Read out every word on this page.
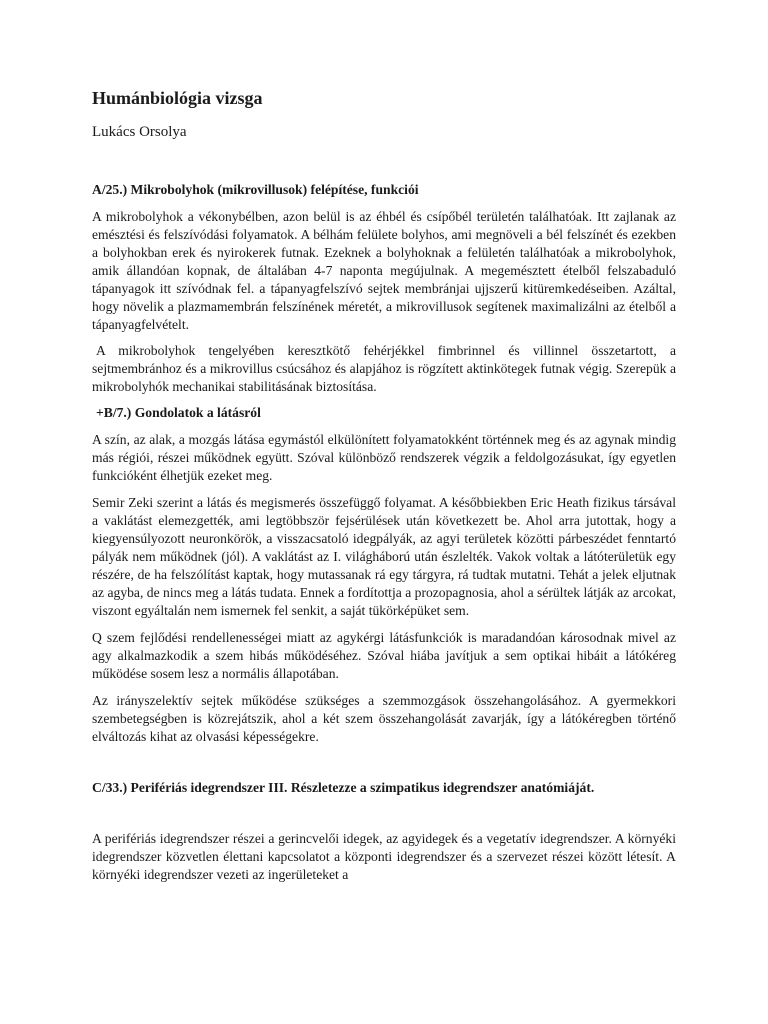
Humánbiológia vizsga

Lukács Orsolya

A/25.) Mikrobolyhok (mikrovillusok) felépítése, funkciói

A mikrobolyhok a vékonybélben, azon belül is az éhbél és csípőbél területén találhatóak. Itt zajlanak az emésztési és felszívódási folyamatok. A bélhám felülete bolyhos, ami megnöveli a bél felszínét és ezekben a bolyhokban erek és nyirokerek futnak. Ezeknek a bolyhoknak a felületén találhatóak a mikrobolyhok, amik állandóan kopnak, de általában 4-7 naponta megújulnak. A megemésztett ételből felszabaduló tápanyagok itt szívódnak fel. a tápanyagfelszívó sejtek membránjai ujjszerű kitüremkedéseiben. Azáltal, hogy növelik a plazmamembrán felszínének méretét, a mikrovillusok segítenek maximalizálni az ételből a tápanyagfelvételt.

A mikrobolyhok tengelyében keresztkötő fehérjékkel fimbrinnel és villinnel összetartott, a sejtmembránhoz és a mikrovillus csúcsához és alapjához is rögzített aktinkötegek futnak végig. Szerepük a mikrobolyhók mechanikai stabilitásának biztosítása.

+B/7.) Gondolatok a látásról

A szín, az alak, a mozgás látása egymástól elkülönített folyamatokként történnek meg és az agynak mindig más régiói, részei működnek együtt. Szóval különböző rendszerek végzik a feldolgozásukat, így egyetlen funkcióként élhetjük ezeket meg.

Semir Zeki szerint a látás és megismerés összefüggő folyamat. A későbbiekben Eric Heath fizikus társával a vaklátást elemezgették, ami legtöbbször fejsérülések után következett be. Ahol arra jutottak, hogy a kiegyensúlyozott neuronkörök, a visszacsatoló idegpályák, az agyi területek közötti párbeszédet fenntartó pályák nem működnek (jól). A vaklátást az I. világháború után észlelték. Vakok voltak a látóterületük egy részére, de ha felszólítást kaptak, hogy mutassanak rá egy tárgyra, rá tudtak mutatni. Tehát a jelek eljutnak az agyba, de nincs meg a látás tudata. Ennek a fordítottja a prozopagnosia, ahol a sérültek látják az arcokat, viszont egyáltalán nem ismernek fel senkit, a saját tükörképüket sem.

Q szem fejlődési rendellenességei miatt az agykérgi látásfunkciók is maradandóan károsodnak mivel az agy alkalmazkodik a szem hibás működéséhez. Szóval hiába javítjuk a sem optikai hibáit a látókéreg működése sosem lesz a normális állapotában.

Az irányszelektív sejtek működése szükséges a szemmozgások összehangolásához. A gyermekkori szembetegségben is közrejátszik, ahol a két szem összehangolását zavarják, így a látókéregben történő elváltozás kihat az olvasási képességekre.

C/33.) Perifériás idegrendszer III. Részletezze a szimpatikus idegrendszer anatómiáját.

A perifériás idegrendszer részei a gerincvelői idegek, az agyidegek és a vegetatív idegrendszer. A környéki idegrendszer közvetlen élettani kapcsolatot a központi idegrendszer és a szervezet részei között létesít. A környéki idegrendszer vezeti az ingerületeket a
